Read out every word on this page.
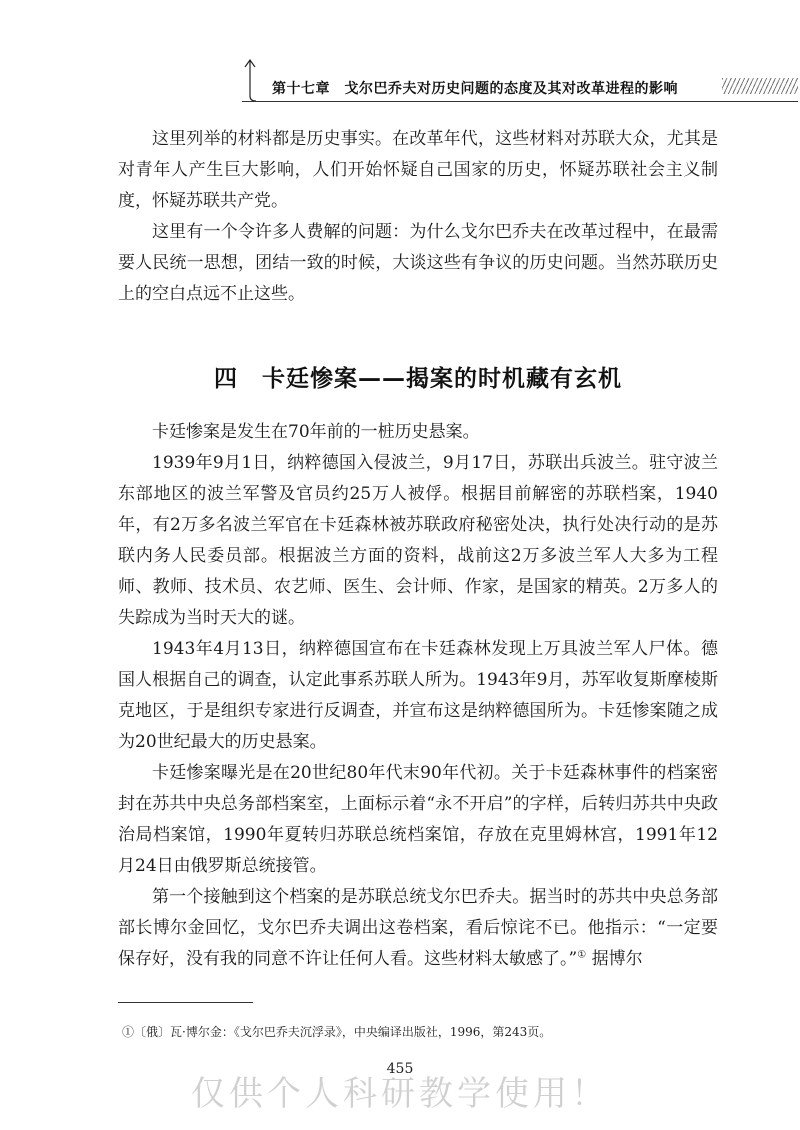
第十七章　戈尔巴乔夫对历史问题的态度及其对改革进程的影响

这里列举的材料都是历史事实。在改革年代，这些材料对苏联大众，尤其是对青年人产生巨大影响，人们开始怀疑自己国家的历史，怀疑苏联社会主义制度，怀疑苏联共产党。

这里有一个令许多人费解的问题：为什么戈尔巴乔夫在改革过程中，在最需要人民统一思想，团结一致的时候，大谈这些有争议的历史问题。当然苏联历史上的空白点远不止这些。

四　卡廷惨案——揭案的时机藏有玄机

卡廷惨案是发生在70年前的一桩历史悬案。

1939年9月1日，纳粹德国入侵波兰，9月17日，苏联出兵波兰。驻守波兰东部地区的波兰军警及官员约25万人被俘。根据目前解密的苏联档案，1940年，有2万多名波兰军官在卡廷森林被苏联政府秘密处决，执行处决行动的是苏联内务人民委员部。根据波兰方面的资料，战前这2万多波兰军人大多为工程师、教师、技术员、农艺师、医生、会计师、作家，是国家的精英。2万多人的失踪成为当时天大的谜。

1943年4月13日，纳粹德国宣布在卡廷森林发现上万具波兰军人尸体。德国人根据自己的调查，认定此事系苏联人所为。1943年9月，苏军收复斯摩棱斯克地区，于是组织专家进行反调查，并宣布这是纳粹德国所为。卡廷惨案随之成为20世纪最大的历史悬案。

卡廷惨案曝光是在20世纪80年代末90年代初。关于卡廷森林事件的档案密封在苏共中央总务部档案室，上面标示着“永不开启”的字样，后转归苏共中央政治局档案馆，1990年夏转归苏联总统档案馆，存放在克里姆林宫，1991年12月24日由俄罗斯总统接管。

第一个接触到这个档案的是苏联总统戈尔巴乔夫。据当时的苏共中央总务部部长博尔金回忆，戈尔巴乔夫调出这卷档案，看后惊诧不已。他指示：“一定要保存好，没有我的同意不许让任何人看。这些材料太敏感了。”① 据博尔

①〔俄〕瓦·博尔金：《戈尔巴乔夫沉浮录》，中央编译出版社，1996，第243页。
455
仅供个人科研教学使用！
